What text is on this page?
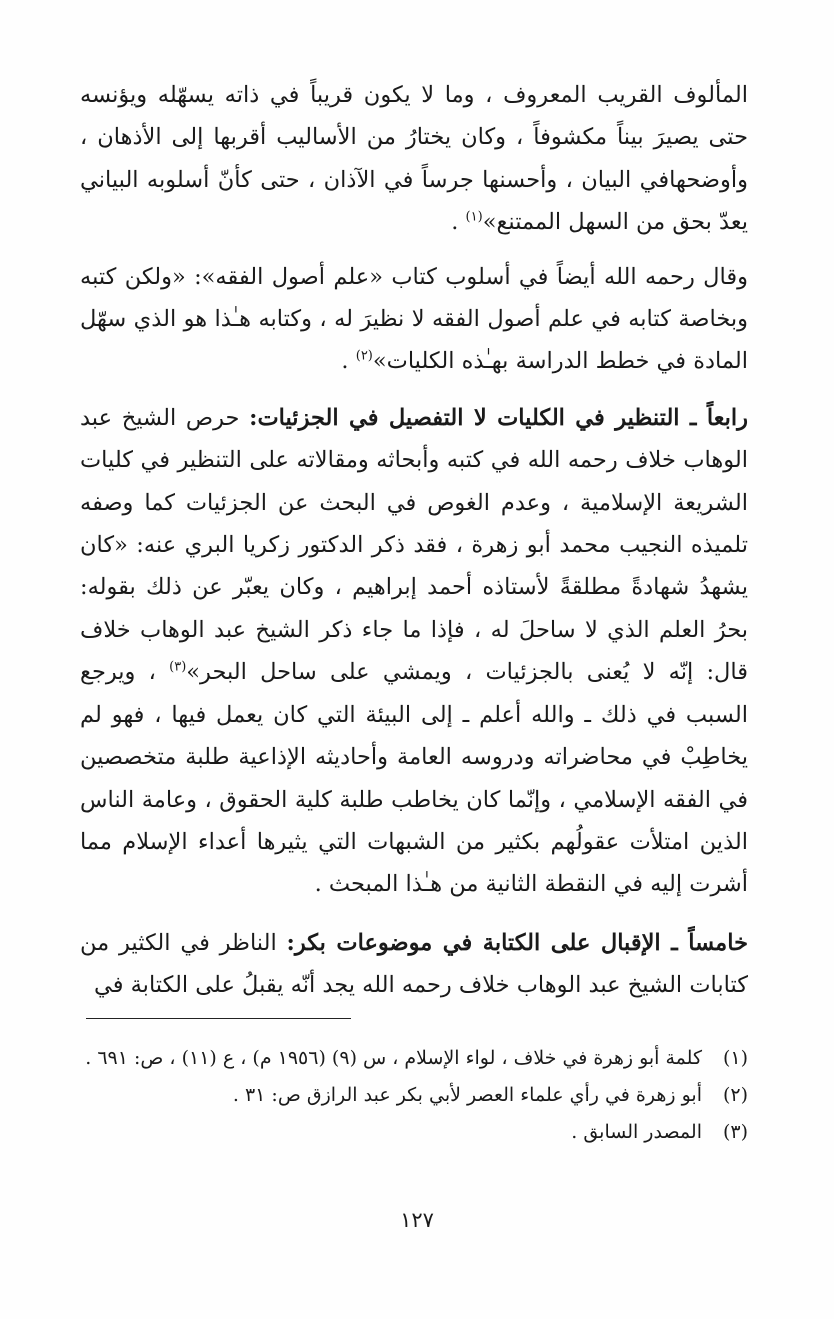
المألوف القريب المعروف ، وما لا يكون قريباً في ذاته يسهّله ويؤنسه حتى يصيرَ بيناً مكشوفاً ، وكان يختارُ من الأساليب أقربها إلى الأذهان ، وأوضحهافي البيان ، وأحسنها جرساً في الآذان ، حتى كأنّ أسلوبه البياني يعدّ بحق من السهل الممتنع»$^{(١)}$ .

وقال رحمه الله أيضاً في أسلوب كتاب «علم أصول الفقه»: «ولكن كتبه وبخاصة كتابه في علم أصول الفقه لا نظيرَ له ، وكتابه هـٰذا هو الذي سهّل المادة في خطط الدراسة بهـٰذه الكليات»$^{(٢)}$ .

رابعاً ـ التنظير في الكليات لا التفصيل في الجزئيات: حرص الشيخ عبد الوهاب خلاف رحمه الله في كتبه وأبحاثه ومقالاته على التنظير في كليات الشريعة الإسلامية ، وعدم الغوص في البحث عن الجزئيات كما وصفه تلميذه النجيب محمد أبو زهرة ، فقد ذكر الدكتور زكريا البري عنه: «كان يشهدُ شهادةً مطلقةً لأستاذه أحمد إبراهيم ، وكان يعبّر عن ذلك بقوله: بحرُ العلم الذي لا ساحلَ له ، فإذا ما جاء ذكر الشيخ عبد الوهاب خلاف قال: إنّه لا يُعنى بالجزئيات ، ويمشي على ساحل البحر»$^{(٣)}$ ، ويرجع السبب في ذلك ـ والله أعلم ـ إلى البيئة التي كان يعمل فيها ، فهو لم يخاطِبْ في محاضراته ودروسه العامة وأحاديثه الإذاعية طلبة متخصصين في الفقه الإسلامي ، وإنّما كان يخاطب طلبة كلية الحقوق ، وعامة الناس الذين امتلأت عقولُهم بكثير من الشبهات التي يثيرها أعداء الإسلام مما أشرت إليه في النقطة الثانية من هـٰذا المبحث .

خامساً ـ الإقبال على الكتابة في موضوعات بكر: الناظر في الكثير من كتابات الشيخ عبد الوهاب خلاف رحمه الله يجد أنّه يقبلُ على الكتابة في

(١)
كلمة أبو زهرة في خلاف ، لواء الإسلام ، س (٩) (١٩٥٦ م) ، ع (١١) ، ص: ٦٩١ .
(٢)
أبو زهرة في رأي علماء العصر لأبي بكر عبد الرازق ص: ٣١ .
(٣)
المصدر السابق .
١٢٧
